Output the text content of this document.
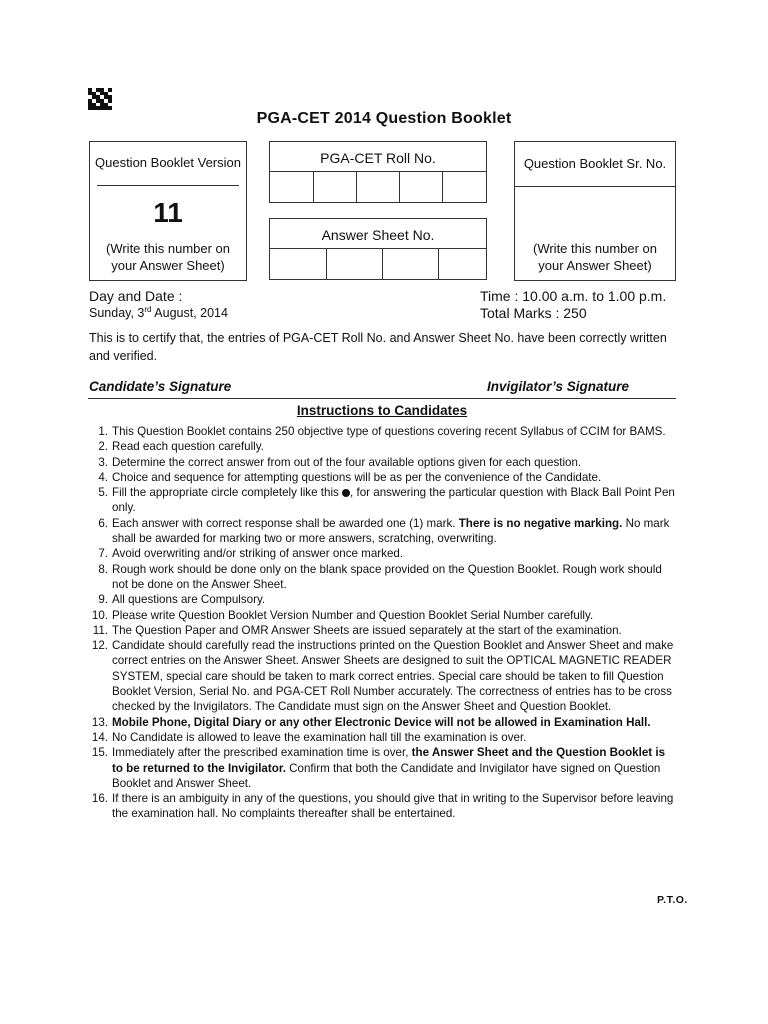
PGA-CET 2014 Question Booklet
Question Booklet Version
11
(Write this number on
your Answer Sheet)
PGA-CET Roll No.
Answer Sheet No.
Question Booklet Sr. No.
(Write this number on
your Answer Sheet)
Day and Date :
Sunday, 3rd August, 2014
Time : 10.00 a.m. to 1.00 p.m.
Total Marks : 250
This is to certify that, the entries of PGA-CET Roll No. and Answer Sheet No. have been correctly written and verified.
Candidate’s Signature	Invigilator’s Signature
Instructions to Candidates
1. This Question Booklet contains 250 objective type of questions covering recent Syllabus of CCIM for BAMS.
2. Read each question carefully.
3. Determine the correct answer from out of the four available options given for each question.
4. Choice and sequence for attempting questions will be as per the convenience of the Candidate.
5. Fill the appropriate circle completely like this , for answering the particular question with Black Ball Point Pen only.
6. Each answer with correct response shall be awarded one (1) mark. There is no negative marking. No mark shall be awarded for marking two or more answers, scratching, overwriting.
7. Avoid overwriting and/or striking of answer once marked.
8. Rough work should be done only on the blank space provided on the Question Booklet. Rough work should not be done on the Answer Sheet.
9. All questions are Compulsory.
10. Please write Question Booklet Version Number and Question Booklet Serial Number carefully.
11. The Question Paper and OMR Answer Sheets are issued separately at the start of the examination.
12. Candidate should carefully read the instructions printed on the Question Booklet and Answer Sheet and make correct entries on the Answer Sheet. Answer Sheets are designed to suit the OPTICAL MAGNETIC READER SYSTEM, special care should be taken to mark correct entries. Special care should be taken to fill Question Booklet Version, Serial No. and PGA-CET Roll Number accurately. The correctness of entries has to be cross checked by the Invigilators. The Candidate must sign on the Answer Sheet and Question Booklet.
13. Mobile Phone, Digital Diary or any other Electronic Device will not be allowed in Examination Hall.
14. No Candidate is allowed to leave the examination hall till the examination is over.
15. Immediately after the prescribed examination time is over, the Answer Sheet and the Question Booklet is to be returned to the Invigilator. Confirm that both the Candidate and Invigilator have signed on Question Booklet and Answer Sheet.
16. If there is an ambiguity in any of the questions, you should give that in writing to the Supervisor before leaving the examination hall. No complaints thereafter shall be entertained.
P.T.O.
